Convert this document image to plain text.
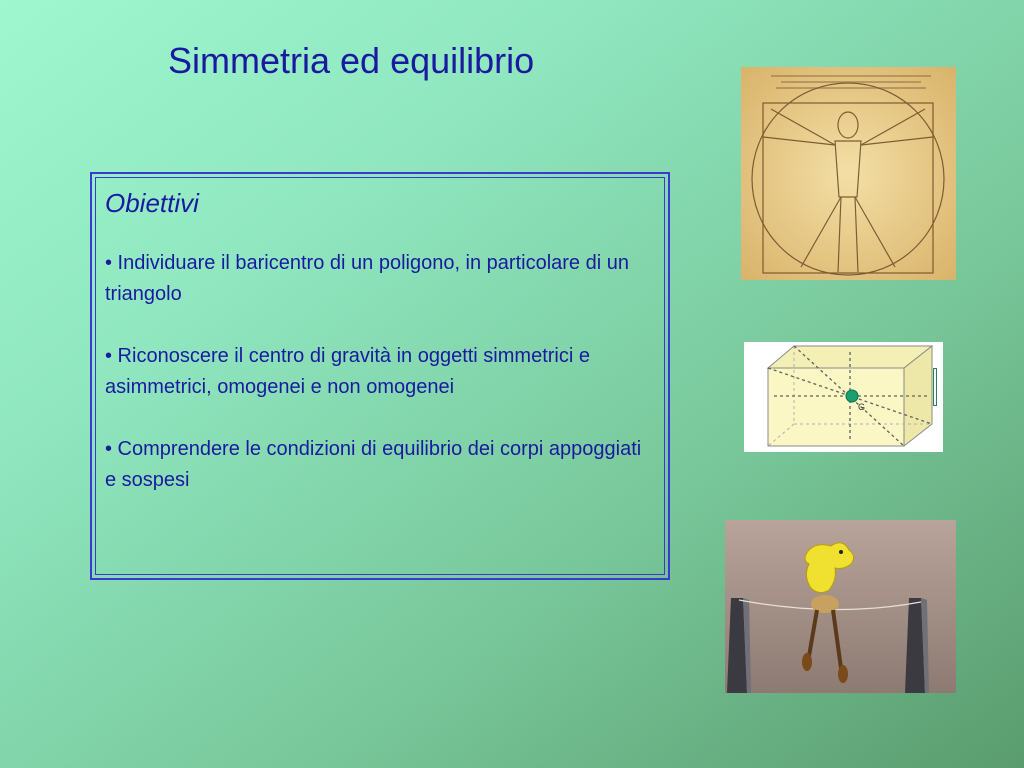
Simmetria ed equilibrio
Obiettivi
• Individuare il baricentro di un poligono, in particolare di un triangolo
• Riconoscere il centro di gravità in oggetti simmetrici e asimmetrici, omogenei e non omogenei
• Comprendere le condizioni di equilibrio dei corpi appoggiati e sospesi
G
